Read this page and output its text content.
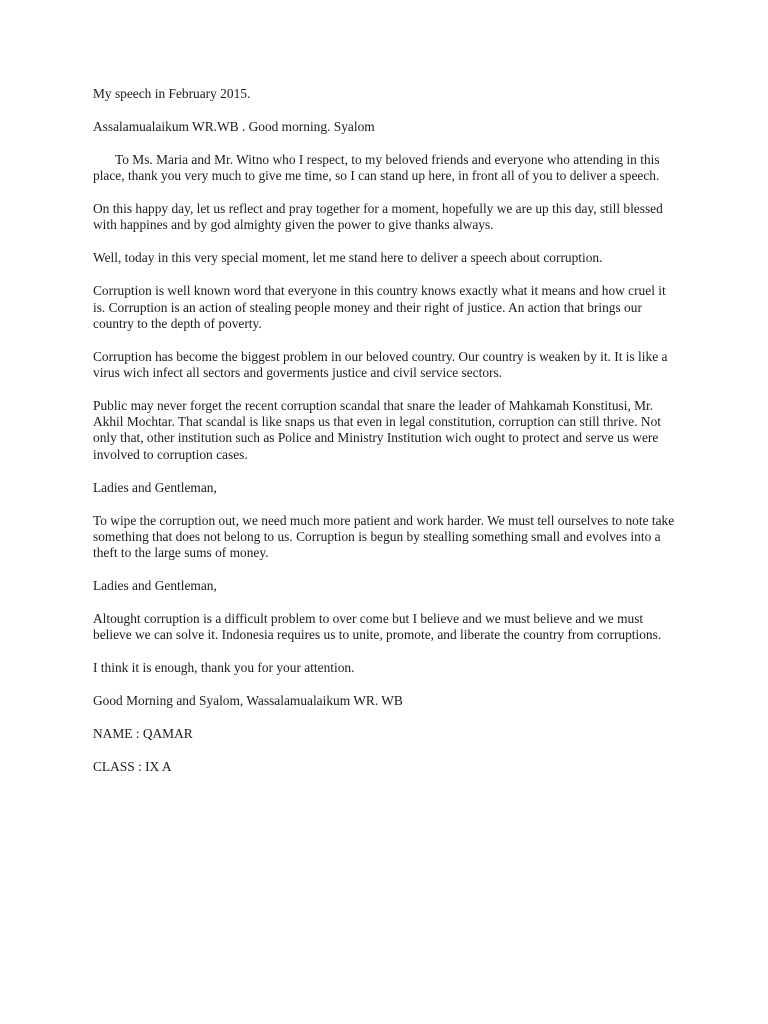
My speech in February 2015.

Assalamualaikum WR.WB . Good morning. Syalom

To Ms. Maria and Mr. Witno who I respect, to my beloved friends and everyone who attending in this place, thank you very much to give me time, so I can stand up here, in front all of you to deliver a speech.

On this happy day, let us reflect and pray together for a moment, hopefully we are up this day, still blessed with happines and by god almighty given the power to give thanks always.

Well, today in this very special moment, let me stand here to deliver a speech about corruption.

Corruption is well known word that everyone in this country knows exactly what it means and how cruel it is. Corruption is an action of stealing people money and their right of justice. An action that brings our country to the depth of poverty.

Corruption has become the biggest problem in our beloved country. Our country is weaken by it. It is like a virus wich infect all sectors and goverments justice and civil service sectors.

Public may never forget the recent corruption scandal that snare the leader of Mahkamah Konstitusi, Mr. Akhil Mochtar. That scandal is like snaps us that even in legal constitution, corruption can still thrive. Not only that, other institution such as Police and Ministry Institution wich ought to protect and serve us were involved to corruption cases.

Ladies and Gentleman,

To wipe the corruption out, we need much more patient and work harder. We must tell ourselves to note take something that does not belong to us. Corruption is begun by stealling something small and evolves into a theft to the large sums of money.

Ladies and Gentleman,

Altought corruption is a difficult problem to over come but I believe and we must believe and we must believe we can solve it. Indonesia requires us to unite, promote, and liberate the country from corruptions.

I think it is enough, thank you for your attention.

Good Morning and Syalom, Wassalamualaikum WR. WB

NAME : QAMAR

CLASS : IX A
